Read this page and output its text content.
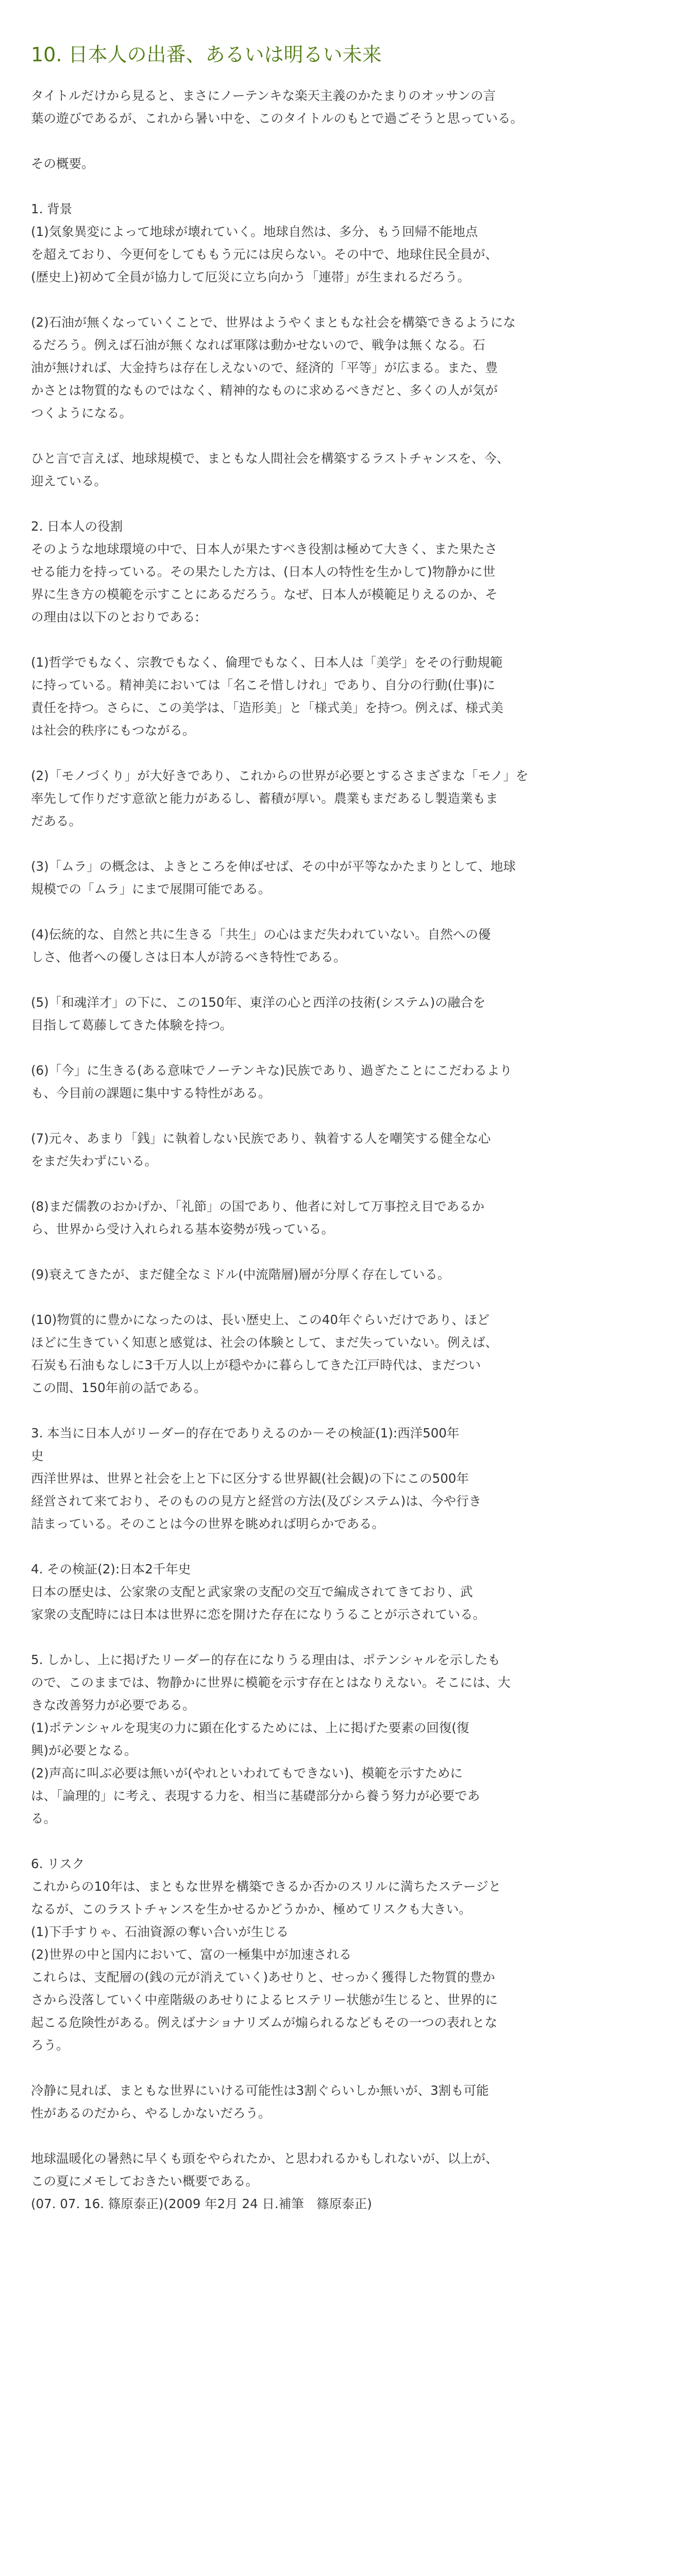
10. 日本人の出番、あるいは明るい未来

タイトルだけから見ると、まさにノーテンキな楽天主義のかたまりのオッサンの言
葉の遊びであるが、これから暑い中を、このタイトルのもとで過ごそうと思っている。

その概要。

1. 背景
(1)気象異変によって地球が壊れていく。地球自然は、多分、もう回帰不能地点
を超えており、今更何をしてももう元には戻らない。その中で、地球住民全員が、
(歴史上)初めて全員が協力して厄災に立ち向かう「連帯」が生まれるだろう。

(2)石油が無くなっていくことで、世界はようやくまともな社会を構築できるようにな
るだろう。例えば石油が無くなれば軍隊は動かせないので、戦争は無くなる。石
油が無ければ、大金持ちは存在しえないので、経済的「平等」が広まる。また、豊
かさとは物質的なものではなく、精神的なものに求めるべきだと、多くの人が気が
つくようになる。

ひと言で言えば、地球規模で、まともな人間社会を構築するラストチャンスを、今、
迎えている。

2. 日本人の役割
そのような地球環境の中で、日本人が果たすべき役割は極めて大きく、また果たさ
せる能力を持っている。その果たした方は、(日本人の特性を生かして)物静かに世
界に生き方の模範を示すことにあるだろう。なぜ、日本人が模範足りえるのか、そ
の理由は以下のとおりである:

(1)哲学でもなく、宗教でもなく、倫理でもなく、日本人は「美学」をその行動規範
に持っている。精神美においては「名こそ惜しけれ」であり、自分の行動(仕事)に
責任を持つ。さらに、この美学は、「造形美」と「様式美」を持つ。例えば、様式美
は社会的秩序にもつながる。

(2)「モノづくり」が大好きであり、これからの世界が必要とするさまざまな「モノ」を
率先して作りだす意欲と能力があるし、蓄積が厚い。農業もまだあるし製造業もま
だある。

(3)「ムラ」の概念は、よきところを伸ばせば、その中が平等なかたまりとして、地球
規模での「ムラ」にまで展開可能である。

(4)伝統的な、自然と共に生きる「共生」の心はまだ失われていない。自然への優
しさ、他者への優しさは日本人が誇るべき特性である。

(5)「和魂洋才」の下に、この150年、東洋の心と西洋の技術(システム)の融合を
目指して葛藤してきた体験を持つ。

(6)「今」に生きる(ある意味でノーテンキな)民族であり、過ぎたことにこだわるより
も、今目前の課題に集中する特性がある。

(7)元々、あまり「銭」に執着しない民族であり、執着する人を嘲笑する健全な心
をまだ失わずにいる。

(8)まだ儒教のおかげか、「礼節」の国であり、他者に対して万事控え目であるか
ら、世界から受け入れられる基本姿勢が残っている。

(9)衰えてきたが、まだ健全なミドル(中流階層)層が分厚く存在している。

(10)物質的に豊かになったのは、長い歴史上、この40年ぐらいだけであり、ほど
ほどに生きていく知恵と感覚は、社会の体験として、まだ失っていない。例えば、
石炭も石油もなしに3千万人以上が穏やかに暮らしてきた江戸時代は、まだつい
この間、150年前の話である。

3. 本当に日本人がリーダー的存在でありえるのか－その検証(1):西洋500年
史
西洋世界は、世界と社会を上と下に区分する世界観(社会観)の下にこの500年
経営されて来ており、そのものの見方と経営の方法(及びシステム)は、今や行き
詰まっている。そのことは今の世界を眺めれば明らかである。

4. その検証(2):日本2千年史
日本の歴史は、公家衆の支配と武家衆の支配の交互で編成されてきており、武
家衆の支配時には日本は世界に恋を開けた存在になりうることが示されている。

5. しかし、上に掲げたリーダー的存在になりうる理由は、ポテンシャルを示したも
ので、このままでは、物静かに世界に模範を示す存在とはなりえない。そこには、大
きな改善努力が必要である。
(1)ポテンシャルを現実の力に顕在化するためには、上に掲げた要素の回復(復
興)が必要となる。
(2)声高に叫ぶ必要は無いが(やれといわれてもできない)、模範を示すために
は、「論理的」に考え、表現する力を、相当に基礎部分から養う努力が必要であ
る。

6. リスク
これからの10年は、まともな世界を構築できるか否かのスリルに満ちたステージと
なるが、このラストチャンスを生かせるかどうかか、極めてリスクも大きい。
(1)下手すりゃ、石油資源の奪い合いが生じる
(2)世界の中と国内において、富の一極集中が加速される
これらは、支配層の(銭の元が消えていく)あせりと、せっかく獲得した物質的豊か
さから没落していく中産階級のあせりによるヒステリー状態が生じると、世界的に
起こる危険性がある。例えばナショナリズムが煽られるなどもその一つの表れとな
ろう。

冷静に見れば、まともな世界にいける可能性は3割ぐらいしか無いが、3割も可能
性があるのだから、やるしかないだろう。

地球温暖化の暑熱に早くも頭をやられたか、と思われるかもしれないが、以上が、
この夏にメモしておきたい概要である。
(07. 07. 16. 篠原泰正)(2009 年2月 24 日.補筆　篠原泰正)
